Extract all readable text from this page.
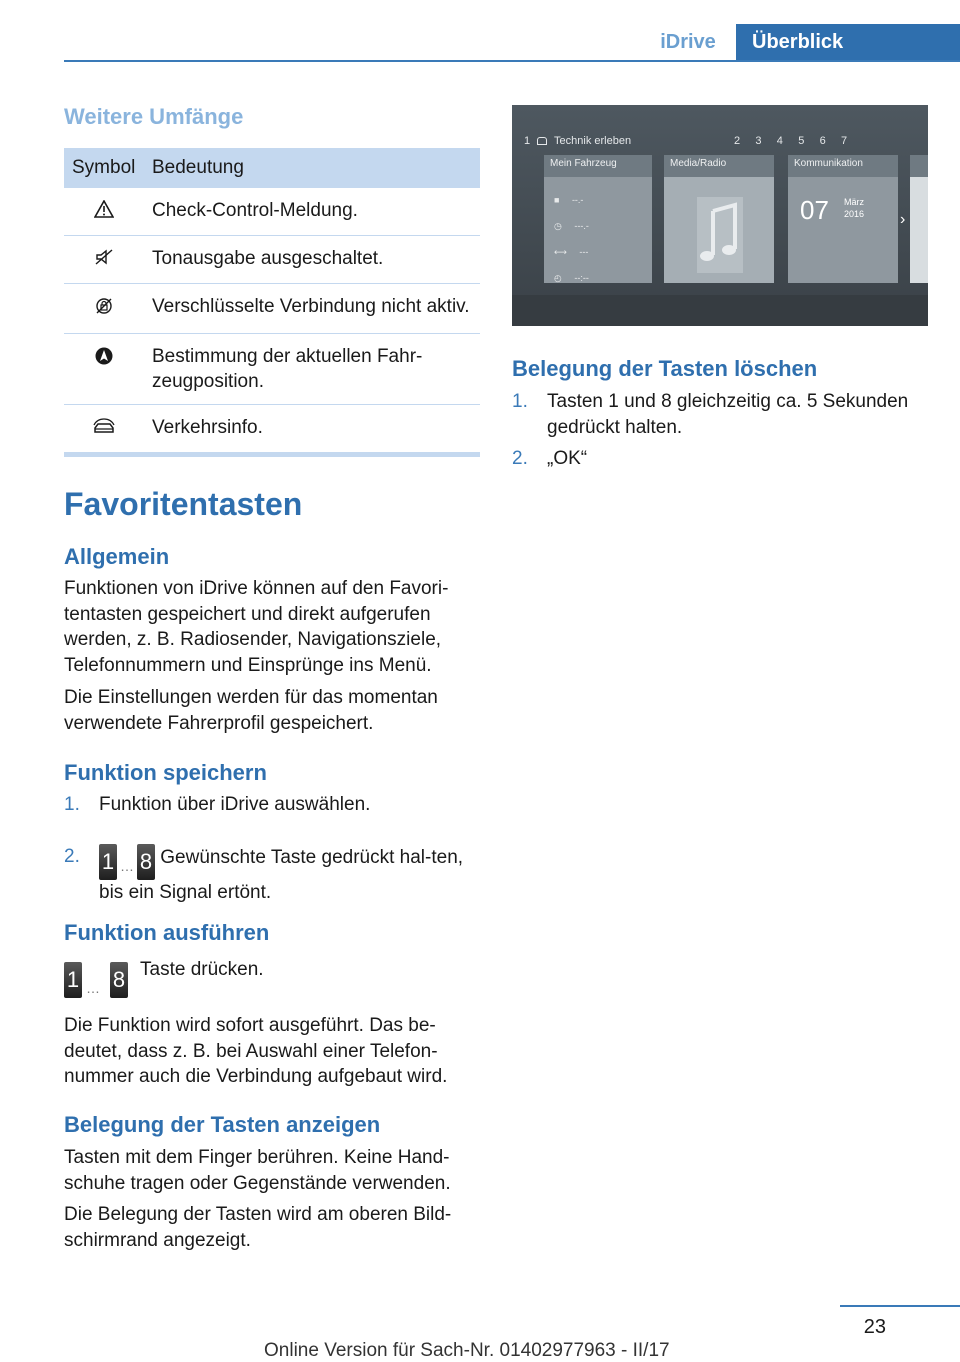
iDrive	Überblick
Weitere Umfänge
Symbol	Bedeutung
	Check-Control-Meldung.
	Tonausgabe ausgeschaltet.
	Verschlüsselte Verbindung nicht aktiv.
	Bestimmung der aktuellen Fahr-zeugposition.
	Verkehrsinfo.
Favoritentasten
Allgemein
Funktionen von iDrive können auf den Favori-tentasten gespeichert und direkt aufgerufen werden, z. B. Radiosender, Navigationsziele, Telefonnummern und Einsprünge ins Menü.
Die Einstellungen werden für das momentan verwendete Fahrerprofil gespeichert.
Funktion speichern
1. Funktion über iDrive auswählen.
2. 1 … 8 Gewünschte Taste gedrückt hal-ten, bis ein Signal ertönt.
Funktion ausführen
1 … 8 Taste drücken.
Die Funktion wird sofort ausgeführt. Das be-deutet, dass z. B. bei Auswahl einer Telefon-nummer auch die Verbindung aufgebaut wird.
Belegung der Tasten anzeigen
Tasten mit dem Finger berühren. Keine Hand-schuhe tragen oder Gegenstände verwenden.
Die Belegung der Tasten wird am oberen Bild-schirmrand angezeigt.
1 Technik erleben	2     3     4     5     6     7
Mein Fahrzeug
■     --.-
◷     ---.-
⟷     ---
◴     --:--
Media/Radio	Kommunikation
07 März
2016 ›
Belegung der Tasten löschen
1. Tasten 1 und 8 gleichzeitig ca. 5 Sekunden gedrückt halten.
2. „OK“
23
Online Version für Sach-Nr. 01402977963 - II/17
